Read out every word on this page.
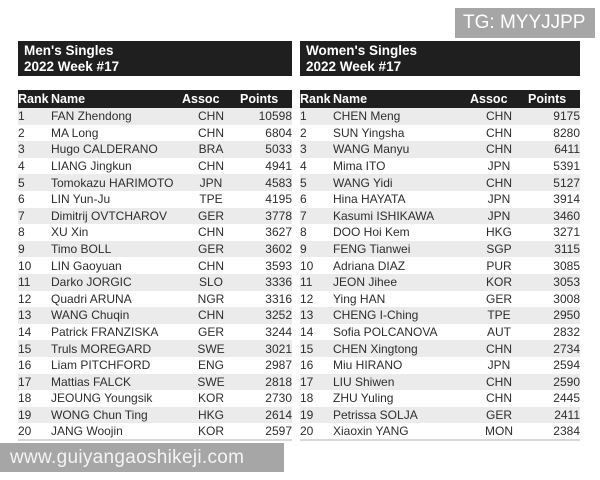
TG: MYYJJPP
Men's Singles
2022 Week #17
Rank	Name	Assoc	Points
1	FAN Zhendong	CHN	10598
2	MA Long	CHN	6804
3	Hugo CALDERANO	BRA	5033
4	LIANG Jingkun	CHN	4941
5	Tomokazu HARIMOTO	JPN	4583
6	LIN Yun-Ju	TPE	4195
7	Dimitrij OVTCHAROV	GER	3778
8	XU Xin	CHN	3627
9	Timo BOLL	GER	3602
10	LIN Gaoyuan	CHN	3593
11	Darko JORGIC	SLO	3336
12	Quadri ARUNA	NGR	3316
13	WANG Chuqin	CHN	3252
14	Patrick FRANZISKA	GER	3244
15	Truls MOREGARD	SWE	3021
16	Liam PITCHFORD	ENG	2987
17	Mattias FALCK	SWE	2818
18	JEOUNG Youngsik	KOR	2730
19	WONG Chun Ting	HKG	2614
20	JANG Woojin	KOR	2597
Women's Singles
2022 Week #17
Rank	Name	Assoc	Points
1	CHEN Meng	CHN	9175
2	SUN Yingsha	CHN	8280
3	WANG Manyu	CHN	6411
4	Mima ITO	JPN	5391
5	WANG Yidi	CHN	5127
6	Hina HAYATA	JPN	3914
7	Kasumi ISHIKAWA	JPN	3460
8	DOO Hoi Kem	HKG	3271
9	FENG Tianwei	SGP	3115
10	Adriana DIAZ	PUR	3085
11	JEON Jihee	KOR	3053
12	Ying HAN	GER	3008
13	CHENG I-Ching	TPE	2950
14	Sofia POLCANOVA	AUT	2832
15	CHEN Xingtong	CHN	2734
16	Miu HIRANO	JPN	2594
17	LIU Shiwen	CHN	2590
18	ZHU Yuling	CHN	2445
19	Petrissa SOLJA	GER	2411
20	Xiaoxin YANG	MON	2384
www.guiyangaoshikeji.com
